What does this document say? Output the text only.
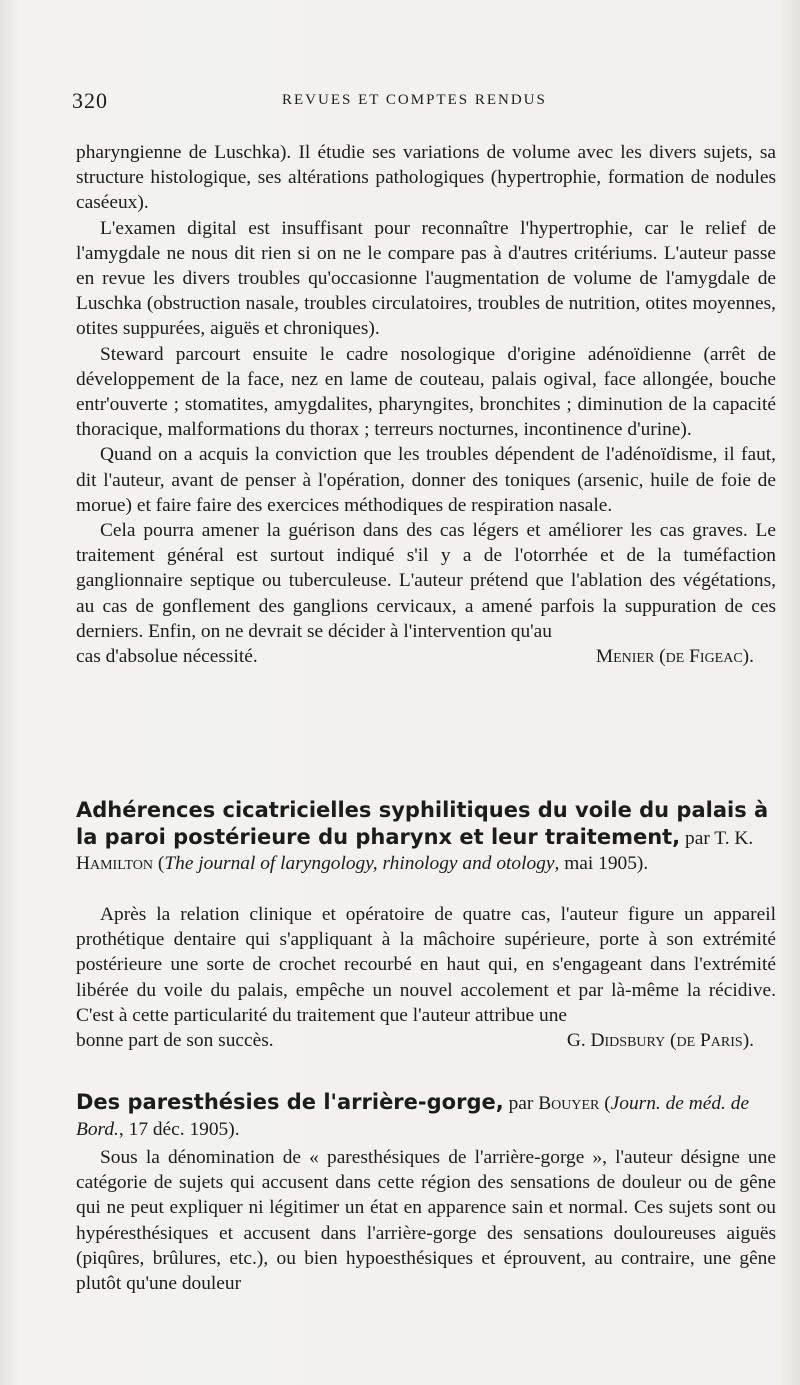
320	REVUES ET COMPTES RENDUS

pharyngienne de Luschka). Il étudie ses variations de volume avec les divers sujets, sa structure histologique, ses altérations pathologiques (hypertrophie, formation de nodules caséeux).

L'examen digital est insuffisant pour reconnaître l'hypertrophie, car le relief de l'amygdale ne nous dit rien si on ne le compare pas à d'autres critériums. L'auteur passe en revue les divers troubles qu'occasionne l'augmentation de volume de l'amygdale de Luschka (obstruction nasale, troubles circulatoires, troubles de nutrition, otites moyennes, otites suppurées, aiguës et chroniques).

Steward parcourt ensuite le cadre nosologique d'origine adénoïdienne (arrêt de développement de la face, nez en lame de couteau, palais ogival, face allongée, bouche entr'ouverte ; stomatites, amygdalites, pharyngites, bronchites ; diminution de la capacité thoracique, malformations du thorax ; terreurs nocturnes, incontinence d'urine).

Quand on a acquis la conviction que les troubles dépendent de l'adénoïdisme, il faut, dit l'auteur, avant de penser à l'opération, donner des toniques (arsenic, huile de foie de morue) et faire faire des exercices méthodiques de respiration nasale.

Cela pourra amener la guérison dans des cas légers et améliorer les cas graves. Le traitement général est surtout indiqué s'il y a de l'otorrhée et de la tuméfaction ganglionnaire septique ou tuberculeuse. L'auteur prétend que l'ablation des végétations, au cas de gonflement des ganglions cervicaux, a amené parfois la suppuration de ces derniers. Enfin, on ne devrait se décider à l'intervention qu'au

cas d'absolue nécessité.	Menier (de Figeac).
Adhérences cicatricielles syphilitiques du voile du palais à la paroi postérieure du pharynx et leur traitement, par T. K. Hamilton (The journal of laryngology, rhinology and otology, mai 1905).

Après la relation clinique et opératoire de quatre cas, l'auteur figure un appareil prothétique dentaire qui s'appliquant à la mâchoire supérieure, porte à son extrémité postérieure une sorte de crochet recourbé en haut qui, en s'engageant dans l'extrémité libérée du voile du palais, empêche un nouvel accolement et par là-même la récidive. C'est à cette particularité du traitement que l'auteur attribue une

bonne part de son succès.	G. Didsbury (de Paris).
Des paresthésies de l'arrière-gorge, par Bouyer (Journ. de méd. de Bord., 17 déc. 1905).

Sous la dénomination de « paresthésiques de l'arrière-gorge », l'auteur désigne une catégorie de sujets qui accusent dans cette région des sensations de douleur ou de gêne qui ne peut expliquer ni légitimer un état en apparence sain et normal. Ces sujets sont ou hypéresthésiques et accusent dans l'arrière-gorge des sensations douloureuses aiguës (piqûres, brûlures, etc.), ou bien hypoesthésiques et éprouvent, au contraire, une gêne plutôt qu'une douleur
